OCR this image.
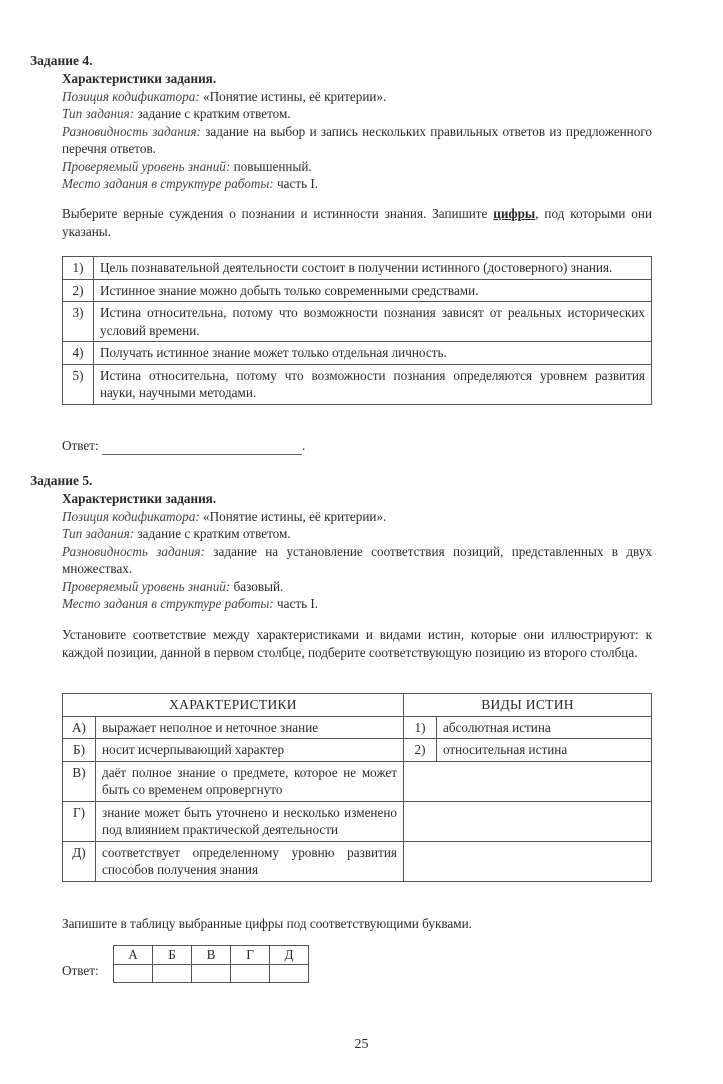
Задание 4.

Характеристики задания.

Позиция кодификатора: «Понятие истины, её критерии».

Тип задания: задание с кратким ответом.

Разновидность задания: задание на выбор и запись нескольких правильных ответов из предложенного перечня ответов.

Проверяемый уровень знаний: повышенный.

Место задания в структуре работы: часть I.

Выберите верные суждения о познании и истинности знания. Запишите цифры, под которыми они указаны.
1)	Цель познавательной деятельности состоит в получении истинного (достоверного) знания.
2)	Истинное знание можно добыть только современными средствами.
3)	Истина относительна, потому что возможности познания зависят от реальных исторических условий времени.
4)	Получать истинное знание может только отдельная личность.
5)	Истина относительна, потому что возможности познания определяются уровнем развития науки, научными методами.
Ответ:	.
Задание 5.

Характеристики задания.

Позиция кодификатора: «Понятие истины, её критерии».

Тип задания: задание с кратким ответом.

Разновидность задания: задание на установление соответствия позиций, представленных в двух множествах.

Проверяемый уровень знаний: базовый.

Место задания в структуре работы: часть I.

Установите соответствие между характеристиками и видами истин, которые они иллюстрируют: к каждой позиции, данной в первом столбце, подберите соответствующую позицию из второго столбца.
ХАРАКТЕРИСТИКИ		ВИДЫ ИСТИН	
А)	выражает неполное и неточное знание	1)	абсолютная истина
Б)	носит исчерпывающий характер	2)	относительная истина
В)	даёт полное знание о предмете, которое не может быть со временем опровергнуто		
Г)	знание может быть уточнено и несколько изменено под влиянием практической деятельности		
Д)	соответствует определенному уровню развития способов получения знания		
Запишите в таблицу выбранные цифры под соответствующими буквами.
Ответ:
А	Б	В	Г	Д

25
